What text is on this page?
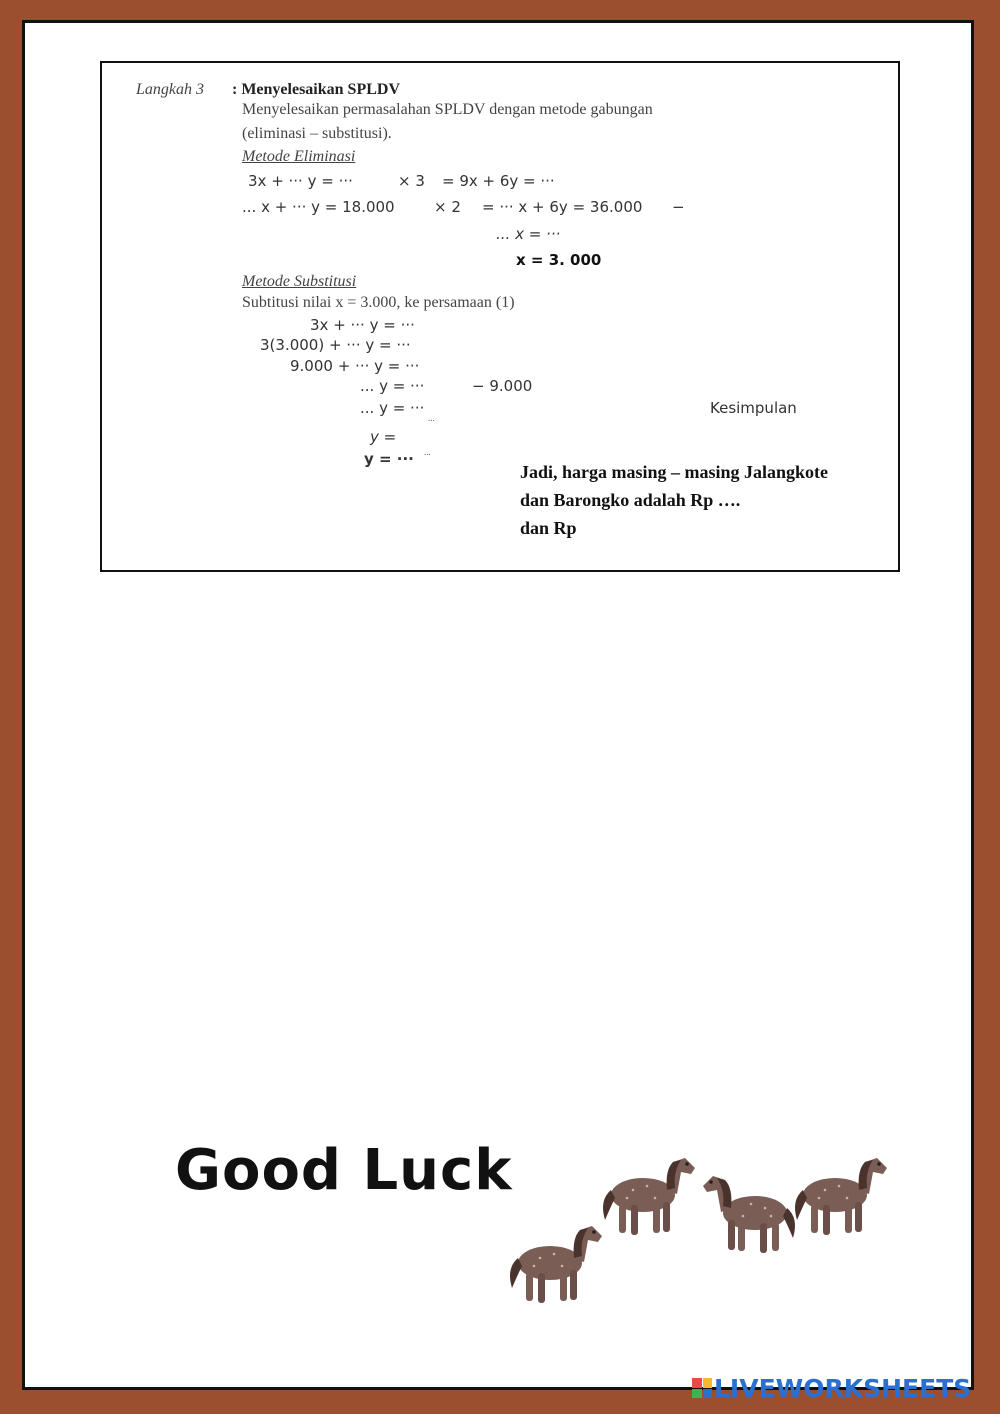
Langkah 3 : Menyelesaikan SPLDV
Menyelesaikan permasalahan SPLDV dengan metode gabungan
(eliminasi – substitusi).
Metode Eliminasi
3x + ··· y = ···	× 3 = 9x + 6y = ···
... x + ··· y = 18.000	× 2 = ··· x + 6y = 36.000 −
... x = ···
x = 3. 000
Metode Substitusi
Subtitusi nilai x = 3.000, ke persamaan (1)
3x + ··· y = ···
3(3.000) + ··· y = ···
9.000 + ··· y = ···
... y = ···	− 9.000
... y = ···
...
y =
y = ··· ...
Kesimpulan
Jadi, harga masing – masing Jalangkote
dan Barongko adalah Rp ….
dan Rp
Good Luck
LIVEWORKSHEETS
